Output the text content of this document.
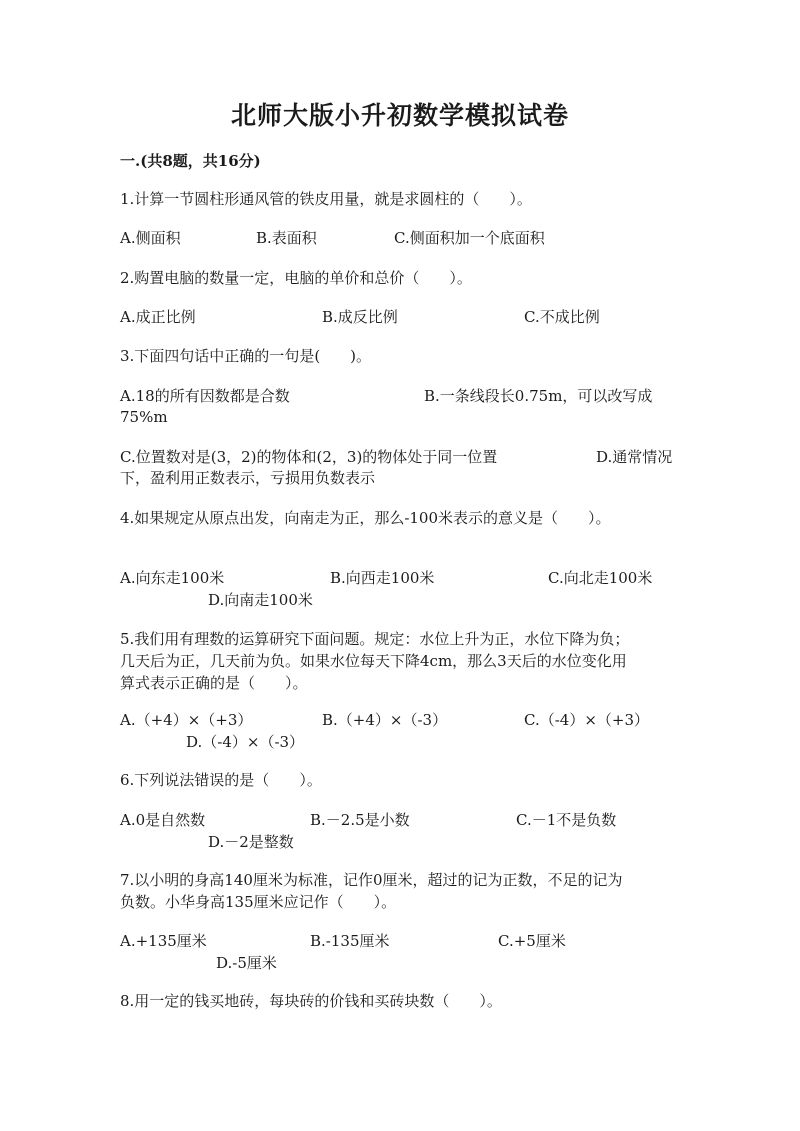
北师大版小升初数学模拟试卷
一.(共8题，共16分)
1.计算一节圆柱形通风管的铁皮用量，就是求圆柱的（　　）。
A.侧面积	B.表面积	C.侧面积加一个底面积
2.购置电脑的数量一定，电脑的单价和总价（　　）。
A.成正比例	B.成反比例	C.不成比例
3.下面四句话中正确的一句是(　　)。
A.18的所有因数都是合数	B.一条线段长0.75m，可以改写成
75%m
C.位置数对是(3，2)的物体和(2，3)的物体处于同一位置	D.通常情况
下，盈利用正数表示，亏损用负数表示
4.如果规定从原点出发，向南走为正，那么-100米表示的意义是（　　）。
A.向东走100米	B.向西走100米	C.向北走100米
D.向南走100米
5.我们用有理数的运算研究下面问题。规定：水位上升为正，水位下降为负；
几天后为正，几天前为负。如果水位每天下降4cm，那么3天后的水位变化用
算式表示正确的是（　　）。
A.（+4）×（+3）	B.（+4）×（-3）	C.（-4）×（+3）
D.（-4）×（-3）
6.下列说法错误的是（　　）。
A.0是自然数	B.－2.5是小数	C.－1不是负数
D.－2是整数
7.以小明的身高140厘米为标准，记作0厘米，超过的记为正数，不足的记为
负数。小华身高135厘米应记作（　　）。
A.+135厘米	B.-135厘米	C.+5厘米
D.-5厘米
8.用一定的钱买地砖，每块砖的价钱和买砖块数（　　）。
